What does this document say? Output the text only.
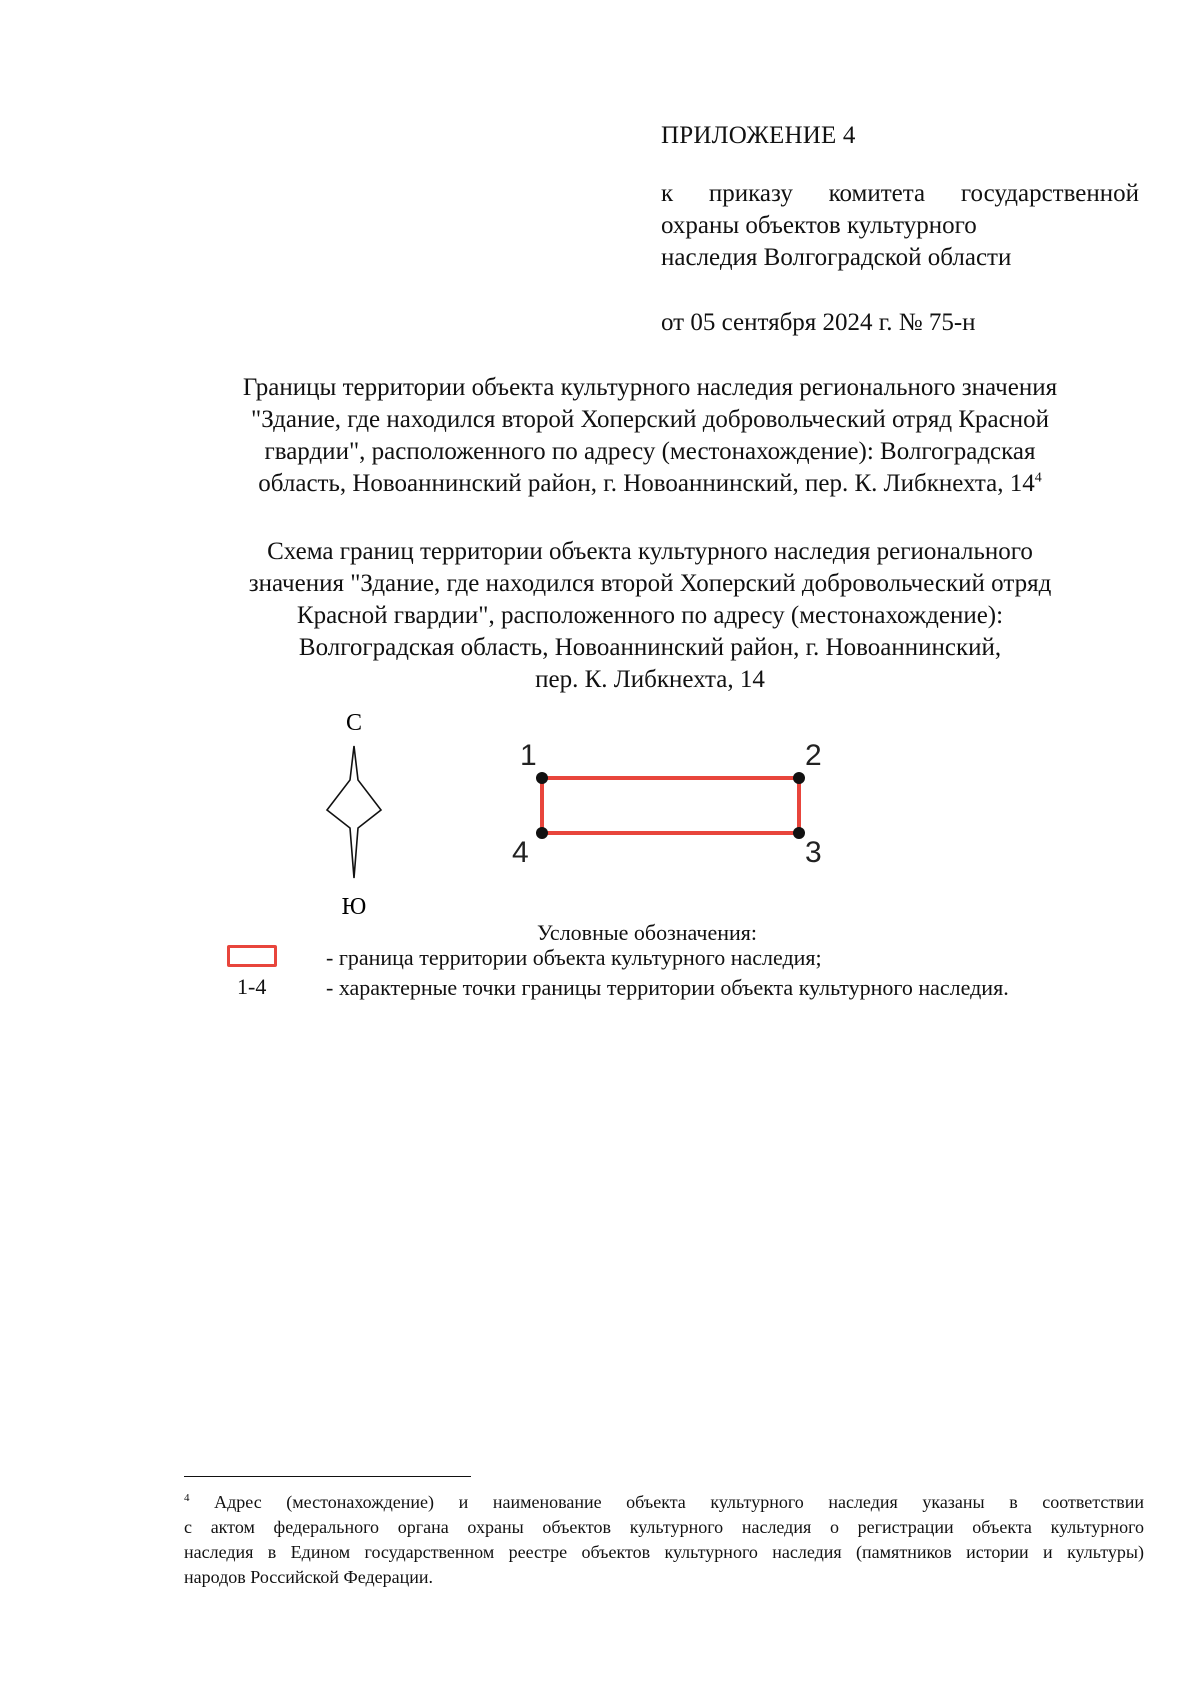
ПРИЛОЖЕНИЕ 4
к приказу комитета государственной
охраны объектов культурного
наследия Волгоградской области
от 05 сентября 2024 г. № 75-н
Границы территории объекта культурного наследия регионального значения
"Здание, где находился второй Хоперский добровольческий отряд Красной
гвардии", расположенного по адресу (местонахождение): Волгоградская
область, Новоаннинский район, г. Новоаннинский, пер. К. Либкнехта, $14^4$
Схема границ территории объекта культурного наследия регионального
значения "Здание, где находился второй Хоперский добровольческий отряд
Красной гвардии", расположенного по адресу (местонахождение):
Волгоградская область, Новоаннинский район, г. Новоаннинский,
пер. К. Либкнехта, 14
С
Ю
1	2
3
4
Условные обозначения:
1-4
- граница территории объекта культурного наследия;
- характерные точки границы территории объекта культурного наследия.
$^4$ Адрес (местонахождение) и наименование объекта культурного наследия указаны в соответствии
с актом федерального органа охраны объектов культурного наследия о регистрации объекта культурного
наследия в Едином государственном реестре объектов культурного наследия (памятников истории и культуры)
народов Российской Федерации.
